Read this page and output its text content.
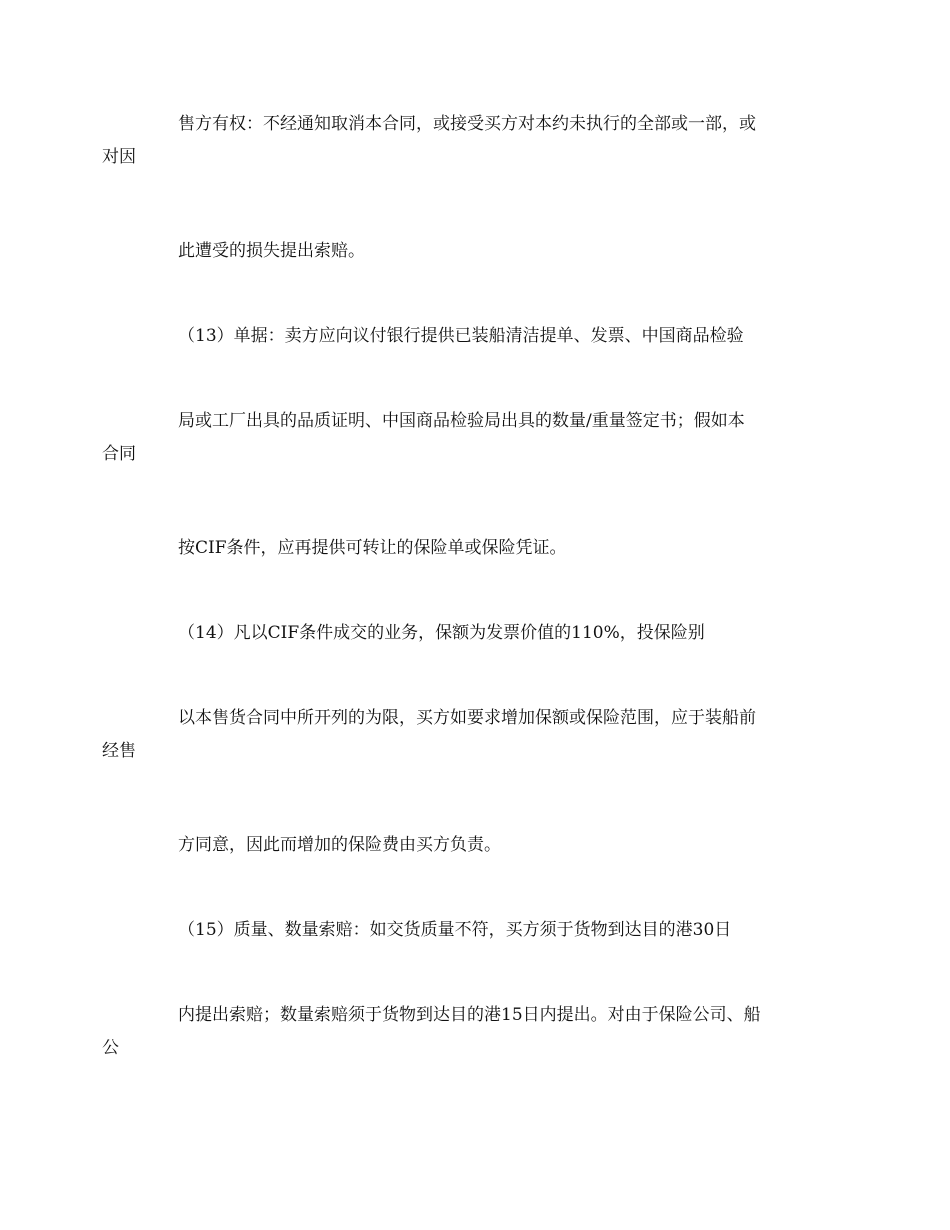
售方有权：不经通知取消本合同，或接受买方对本约未执行的全部或一部，或
对因

此遭受的损失提出索赔。

（13）单据：卖方应向议付银行提供已装船清洁提单、发票、中国商品检验

局或工厂出具的品质证明、中国商品检验局出具的数量/重量签定书；假如本
合同

按CIF条件，应再提供可转让的保险单或保险凭证。

（14）凡以CIF条件成交的业务，保额为发票价值的110%，投保险别

以本售货合同中所开列的为限，买方如要求增加保额或保险范围，应于装船前
经售

方同意，因此而增加的保险费由买方负责。

（15）质量、数量索赔：如交货质量不符，买方须于货物到达目的港30日

内提出索赔；数量索赔须于货物到达目的港15日内提出。对由于保险公司、船
公
